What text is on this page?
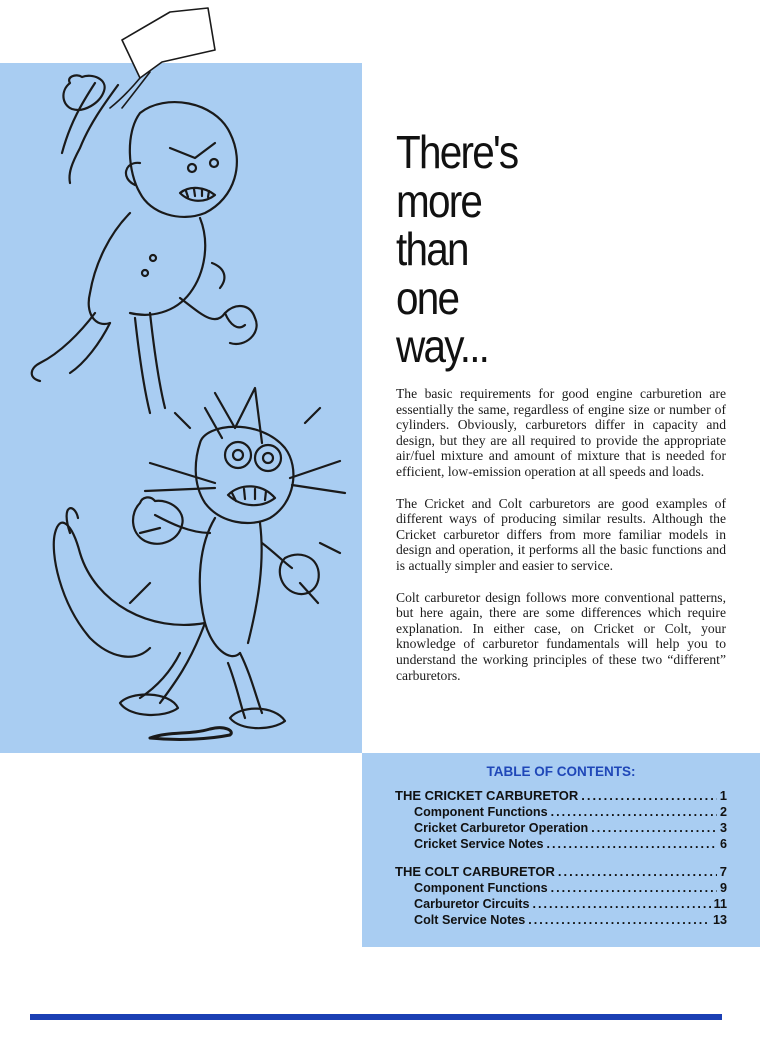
There's
more
than
one
way...

The basic requirements for good engine carburetion are essentially the same, regardless of engine size or number of cylinders. Obviously, carburetors differ in capacity and design, but they are all required to provide the appropriate air/fuel mixture and amount of mixture that is needed for efficient, low-emission operation at all speeds and loads.

The Cricket and Colt carburetors are good examples of different ways of producing similar results. Although the Cricket carburetor differs from more familiar models in design and operation, it performs all the basic functions and is actually simpler and easier to service.

Colt carburetor design follows more conventional patterns, but here again, there are some differences which require explanation. In either case, on Cricket or Colt, your knowledge of carburetor fundamentals will help you to understand the working principles of these two “different” carburetors.

TABLE OF CONTENTS:
THE CRICKET CARBURETOR .....	1
Component Functions .....	2
Cricket Carburetor Operation .....	3
Cricket Service Notes .....	6
THE COLT CARBURETOR .....	7
Component Functions .....	9
Carburetor Circuits .....	11
Colt Service Notes .....	13
